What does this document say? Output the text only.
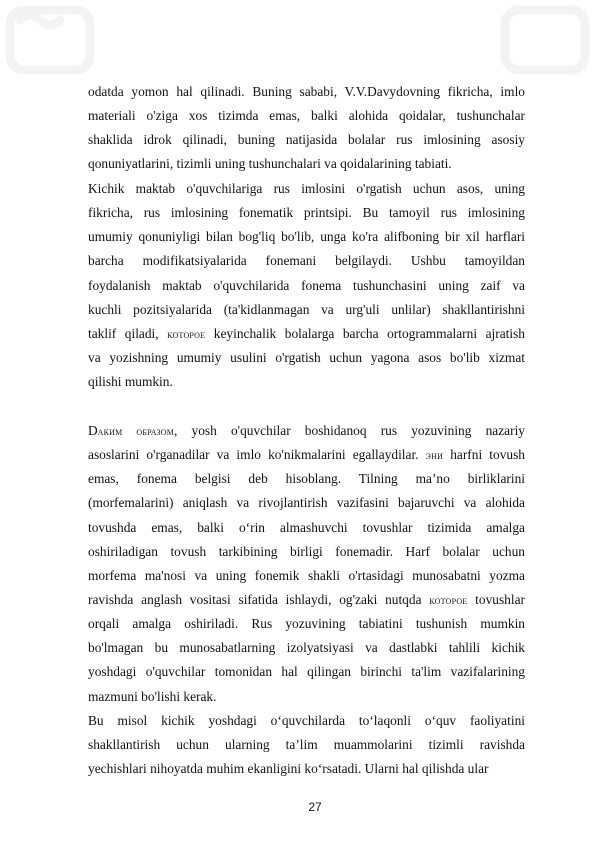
odatda yomon hal qilinadi. Buning sababi, V.V.Davydovning fikricha, imlo
materiali o'ziga xos tizimda emas, balki alohida qoidalar, tushunchalar
shaklida idrok qilinadi, buning natijasida bolalar rus imlosining asosiy
qonuniyatlarini, tizimli uning tushunchalari va qoidalarining tabiati.
Kichik maktab o'quvchilariga rus imlosini o'rgatish uchun asos, uning
fikricha, rus imlosining fonematik printsipi. Bu tamoyil rus imlosining
umumiy qonuniyligi bilan bog'liq bo'lib, unga ko'ra alifboning bir xil harflari
barcha modifikatsiyalarida fonemani belgilaydi. Ushbu tamoyildan
foydalanish maktab o'quvchilarida fonema tushunchasini uning zaif va
kuchli pozitsiyalarida (ta'kidlanmagan va urg'uli unlilar) shakllantirishni
taklif qiladi, которое keyinchalik bolalarga barcha ortogrammalarni ajratish
va yozishning umumiy usulini o'rgatish uchun yagona asos bo'lib xizmat
qilishi mumkin.
Dаким образом, yosh o'quvchilar boshidanoq rus yozuvining nazariy
asoslarini o'rganadilar va imlo ko'nikmalarini egallaydilar. эни harfni tovush
emas, fonema belgisi deb hisoblang. Tilning ma’no birliklarini
(morfemalarini) aniqlash va rivojlantirish vazifasini bajaruvchi va alohida
tovushda emas, balki o‘rin almashuvchi tovushlar tizimida amalga
oshiriladigan tovush tarkibining birligi fonemadir. Harf bolalar uchun
morfema ma'nosi va uning fonemik shakli o'rtasidagi munosabatni yozma
ravishda anglash vositasi sifatida ishlaydi, og'zaki nutqda которое tovushlar
orqali amalga oshiriladi. Rus yozuvining tabiatini tushunish mumkin
bo'lmagan bu munosabatlarning izolyatsiyasi va dastlabki tahlili kichik
yoshdagi o'quvchilar tomonidan hal qilingan birinchi ta'lim vazifalarining
mazmuni bo'lishi kerak.
Bu misol kichik yoshdagi o‘quvchilarda to‘laqonli o‘quv faoliyatini
shakllantirish uchun ularning ta’lim muammolarini tizimli ravishda
yechishlari nihoyatda muhim ekanligini ko‘rsatadi. Ularni hal qilishda ular
27
